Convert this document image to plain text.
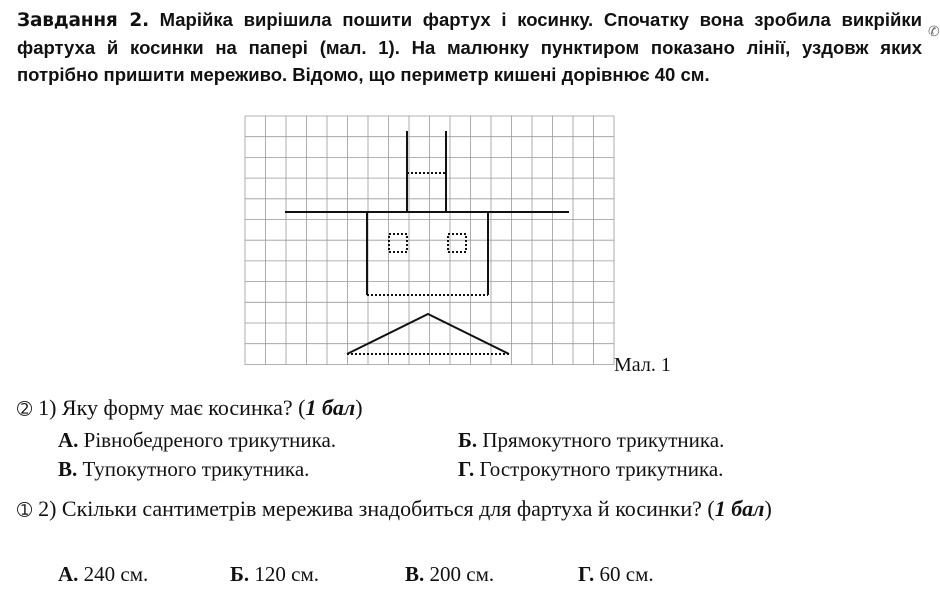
Завдання 2. Марійка вирішила пошити фартух і косинку. Спочатку вона зробила викрійки фартуха й косинки на папері (мал. 1). На малюнку пунктиром показано лінії, уздовж яких потрібно пришити мереживо. Відомо, що периметр кишені дорівнює 40 см.

Мал. 1

➁ 1) Яку форму має косинка? (1 бал)

А. Рівнобедреного трикутника.	Б. Прямокутного трикутника.
В. Тупокутного трикутника.	Г. Гострокутного трикутника.

➀ 2) Скільки сантиметрів мережива знадобиться для фартуха й косинки? (1 бал)

А. 240 см.	Б. 120 см.	В. 200 см.	Г. 60 см.
✆
